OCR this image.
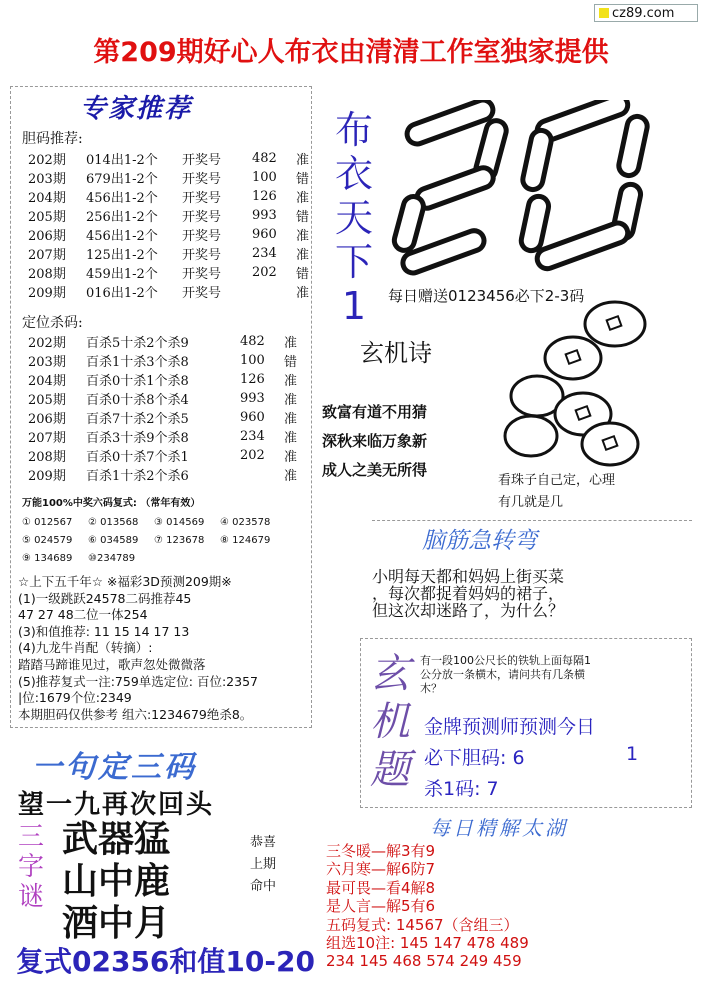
cz89.com
第209期好心人布衣由清清工作室独家提供
专家推荐
胆码推荐:
202期	014出1-2个	开奖号	482	准
203期	679出1-2个	开奖号	100	错
204期	456出1-2个	开奖号	126	准
205期	256出1-2个	开奖号	993	错
206期	456出1-2个	开奖号	960	准
207期	125出1-2个	开奖号	234	准
208期	459出1-2个	开奖号	202	错
209期	016出1-2个	开奖号		准
定位杀码:
202期	百杀5十杀2个杀9	482	准
203期	百杀1十杀3个杀8	100	错
204期	百杀0十杀1个杀8	126	准
205期	百杀0十杀8个杀4	993	准
206期	百杀7十杀2个杀5	960	准
207期	百杀3十杀9个杀8	234	准
208期	百杀0十杀7个杀1	202	准
209期	百杀1十杀2个杀6		准
万能100%中奖六码复式: （常年有效）
① 012567 ② 013568 ③ 014569 ④ 023578⑤ 024579 ⑥ 034589 ⑦ 123678 ⑧ 124679⑨ 134689 ⑩234789
☆上下五千年☆ ※福彩3D预测209期※
(1)一级跳跃24578二码推荐45
47 27 48二位一体254
(3)和值推荐: 11 15 14 17 13
(4)九龙牛肖配（转摘）:
踏踏马蹄谁见过，歌声忽处微微落
(5)推荐复式一注:759单选定位: 百位:2357
|位:1679个位:2349
本期胆码仅供参考 组六:1234679绝杀8。
布
衣
天
下
1	每日赠送0123456必下2-3码
玄机诗
致富有道不用猜
深秋来临万象新
成人之美无所得
看珠子自己定，心理
有几就是几
脑筋急转弯
小明每天都和妈妈上街买菜
，每次都捉着妈妈的裙子，
但这次却迷路了，为什么？
玄
机
题
有一段100公尺长的铁轨上面每隔1
公分放一条横木，请问共有几条横
木？
金牌预测师预测今日
必下胆码: 6	1
杀1码: 7
一句定三码
望一九再次回头
三
字
谜
武器猛
山中鹿
酒中月
恭喜
上期
命中
复式02356和值10-20
每日精解太湖
三冬暖—解3有9
六月寒—解6防7
最可畏—看4解8
是人言—解5有6
五码复式: 14567（含组三）
组选10注: 145 147 478 489
234 145 468 574 249 459
